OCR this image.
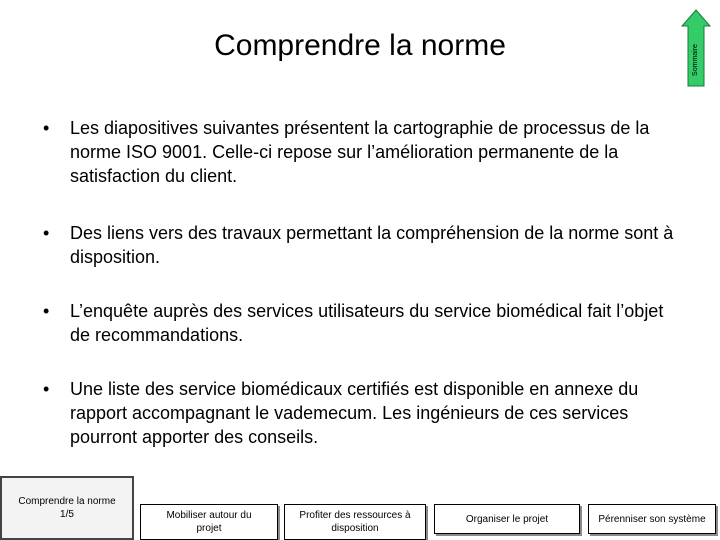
Comprendre la norme	Sommaire
• Les diapositives suivantes présentent la cartographie de processus de la norme ISO 9001. Celle-ci repose sur l’amélioration permanente de la satisfaction du client.
• Des liens vers des travaux permettant la compréhension de la norme sont à disposition.
• L’enquête auprès des services utilisateurs du service biomédical fait l’objet de recommandations.
• Une liste des service biomédicaux certifiés est disponible en annexe du rapport accompagnant le vademecum. Les ingénieurs de ces services pourront apporter des conseils.
Comprendre la norme
1/5	Mobiliser autour du
projet
Profiter des ressources à
disposition
Organiser le projet	Pérenniser son système
